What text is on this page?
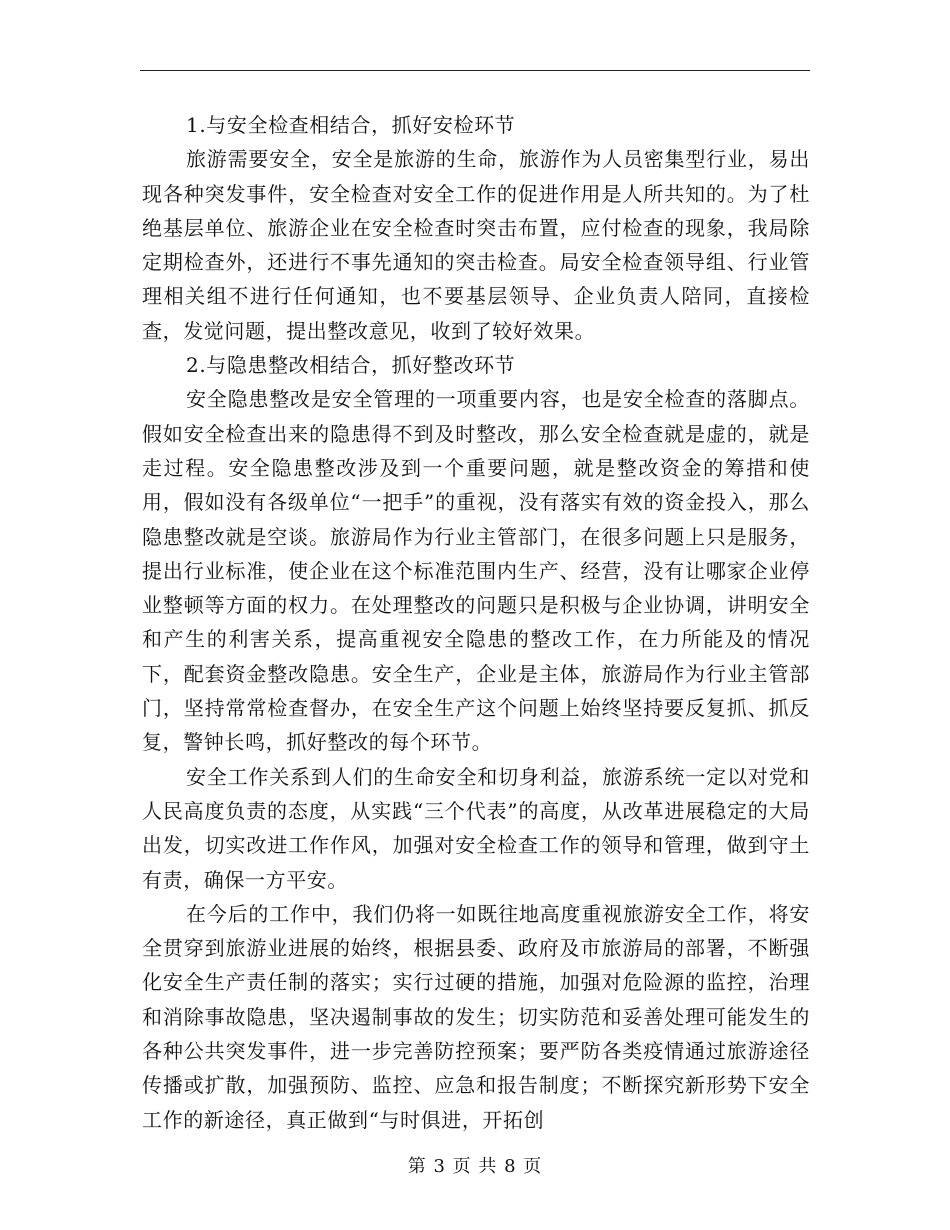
1.与安全检查相结合，抓好安检环节

旅游需要安全，安全是旅游的生命，旅游作为人员密集型行业，易出现各种突发事件，安全检查对安全工作的促进作用是人所共知的。为了杜绝基层单位、旅游企业在安全检查时突击布置，应付检查的现象，我局除定期检查外，还进行不事先通知的突击检查。局安全检查领导组、行业管理相关组不进行任何通知，也不要基层领导、企业负责人陪同，直接检查，发觉问题，提出整改意见，收到了较好效果。

2.与隐患整改相结合，抓好整改环节

安全隐患整改是安全管理的一项重要内容，也是安全检查的落脚点。假如安全检查出来的隐患得不到及时整改，那么安全检查就是虚的，就是走过程。安全隐患整改涉及到一个重要问题，就是整改资金的筹措和使用，假如没有各级单位“一把手”的重视，没有落实有效的资金投入，那么隐患整改就是空谈。旅游局作为行业主管部门，在很多问题上只是服务，提出行业标准，使企业在这个标准范围内生产、经营，没有让哪家企业停业整顿等方面的权力。在处理整改的问题只是积极与企业协调，讲明安全和产生的利害关系，提高重视安全隐患的整改工作，在力所能及的情况下，配套资金整改隐患。安全生产，企业是主体，旅游局作为行业主管部门，坚持常常检查督办，在安全生产这个问题上始终坚持要反复抓、抓反复，警钟长鸣，抓好整改的每个环节。

安全工作关系到人们的生命安全和切身利益，旅游系统一定以对党和人民高度负责的态度，从实践“三个代表”的高度，从改革进展稳定的大局出发，切实改进工作作风，加强对安全检查工作的领导和管理，做到守土有责，确保一方平安。

在今后的工作中，我们仍将一如既往地高度重视旅游安全工作，将安全贯穿到旅游业进展的始终，根据县委、政府及市旅游局的部署，不断强化安全生产责任制的落实；实行过硬的措施，加强对危险源的监控，治理和消除事故隐患，坚决遏制事故的发生；切实防范和妥善处理可能发生的各种公共突发事件，进一步完善防控预案；要严防各类疫情通过旅游途径传播或扩散，加强预防、监控、应急和报告制度；不断探究新形势下安全工作的新途径，真正做到“与时俱进，开拓创

第 3 页 共 8 页
